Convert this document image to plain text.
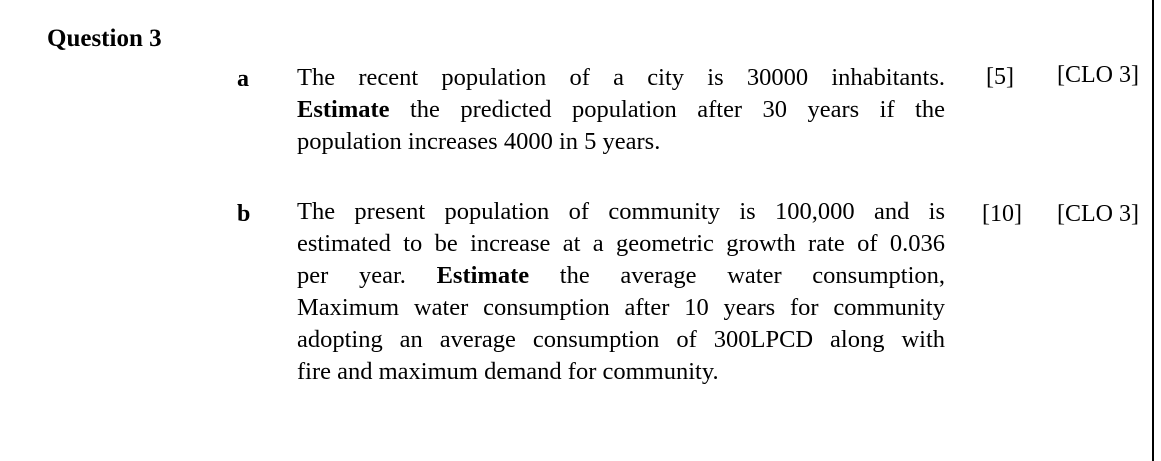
Question 3
a The recent population of a city is 30000 inhabitants.
Estimate the predicted population after 30 years if the
population increases 4000 in 5 years.
[5] [CLO 3]
b The present population of community is 100,000 and is
estimated to be increase at a geometric growth rate of 0.036
per year. Estimate the average water consumption,
Maximum water consumption after 10 years for community
adopting an average consumption of 300LPCD along with
fire and maximum demand for community.
[10] [CLO 3]
